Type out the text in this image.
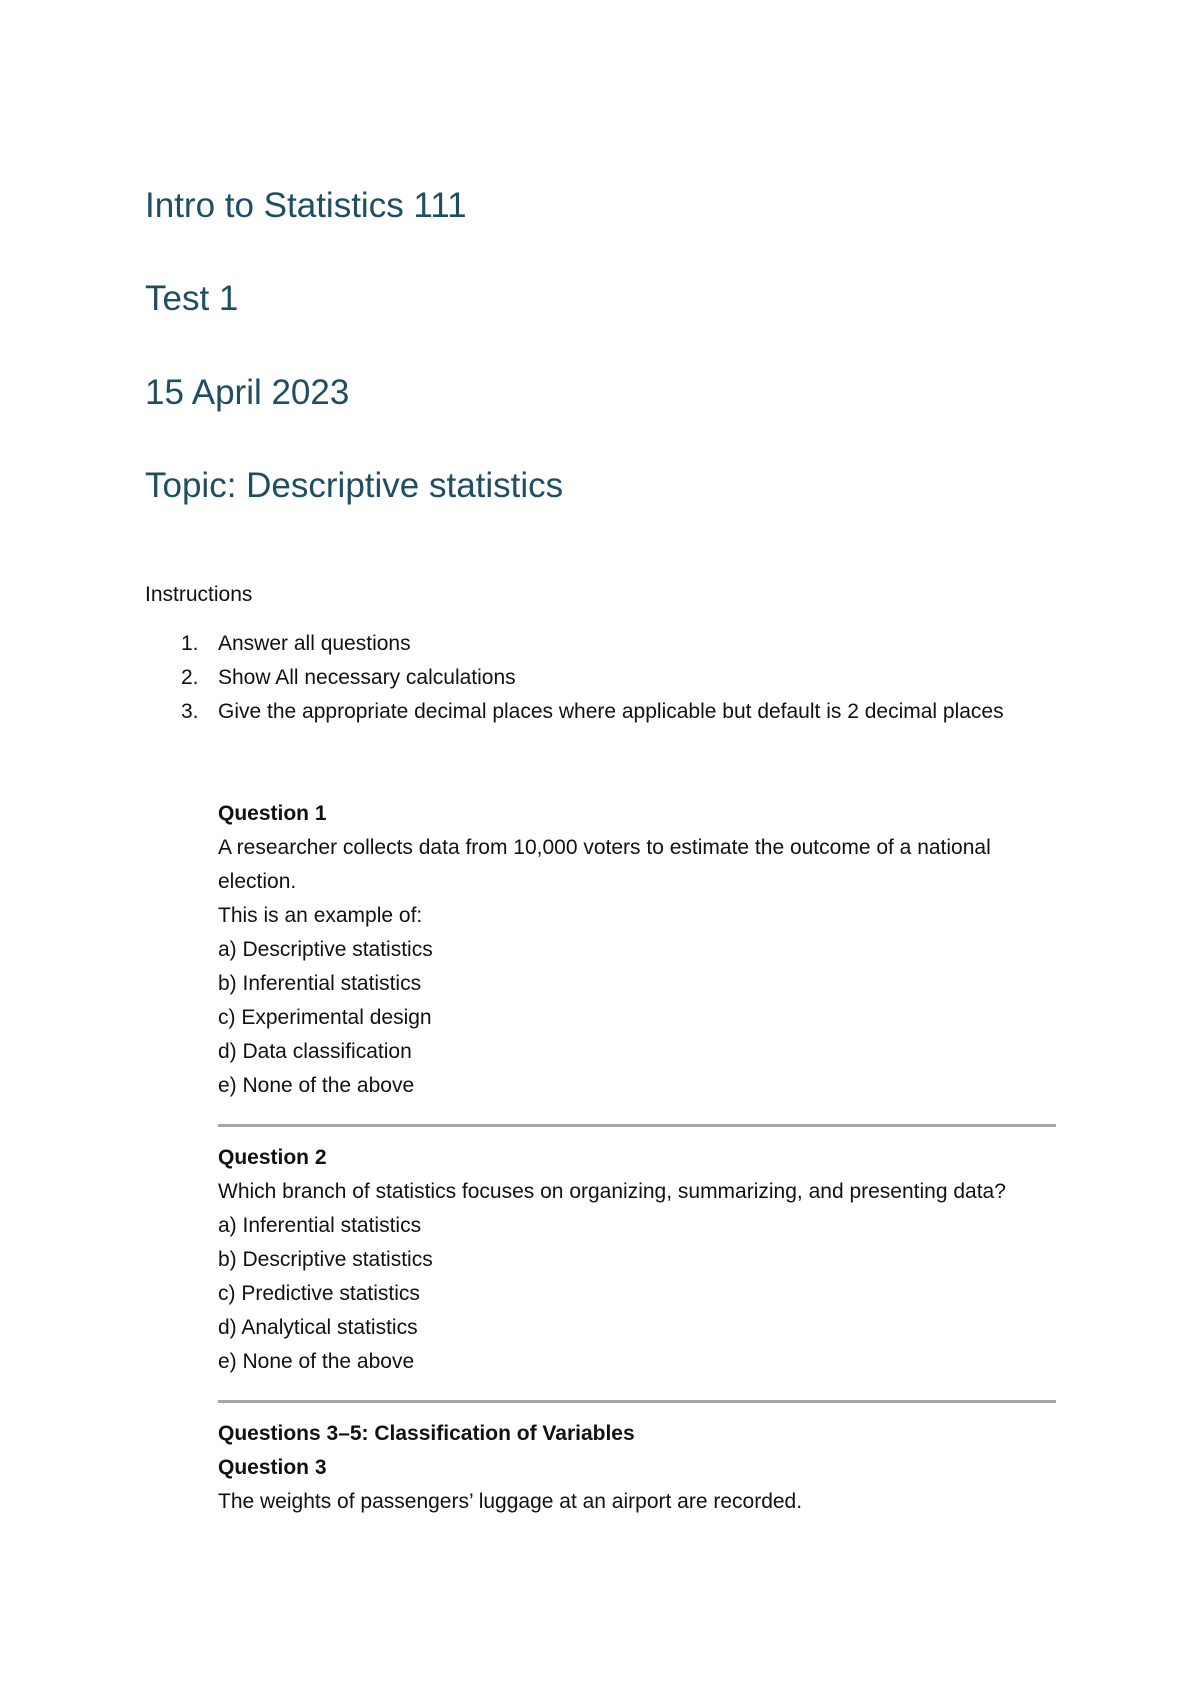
Intro to Statistics 111
Test 1
15 April 2023
Topic: Descriptive statistics

Instructions

1. Answer all questions
2. Show All necessary calculations
3. Give the appropriate decimal places where applicable but default is 2 decimal places
Question 1

A researcher collects data from 10,000 voters to estimate the outcome of a national election.

This is an example of:

a) Descriptive statistics
b) Inferential statistics
c) Experimental design
d) Data classification
e) None of the above
Question 2

Which branch of statistics focuses on organizing, summarizing, and presenting data?

a) Inferential statistics
b) Descriptive statistics
c) Predictive statistics
d) Analytical statistics
e) None of the above
Questions 3–5: Classification of Variables
Question 3

The weights of passengers’ luggage at an airport are recorded.
